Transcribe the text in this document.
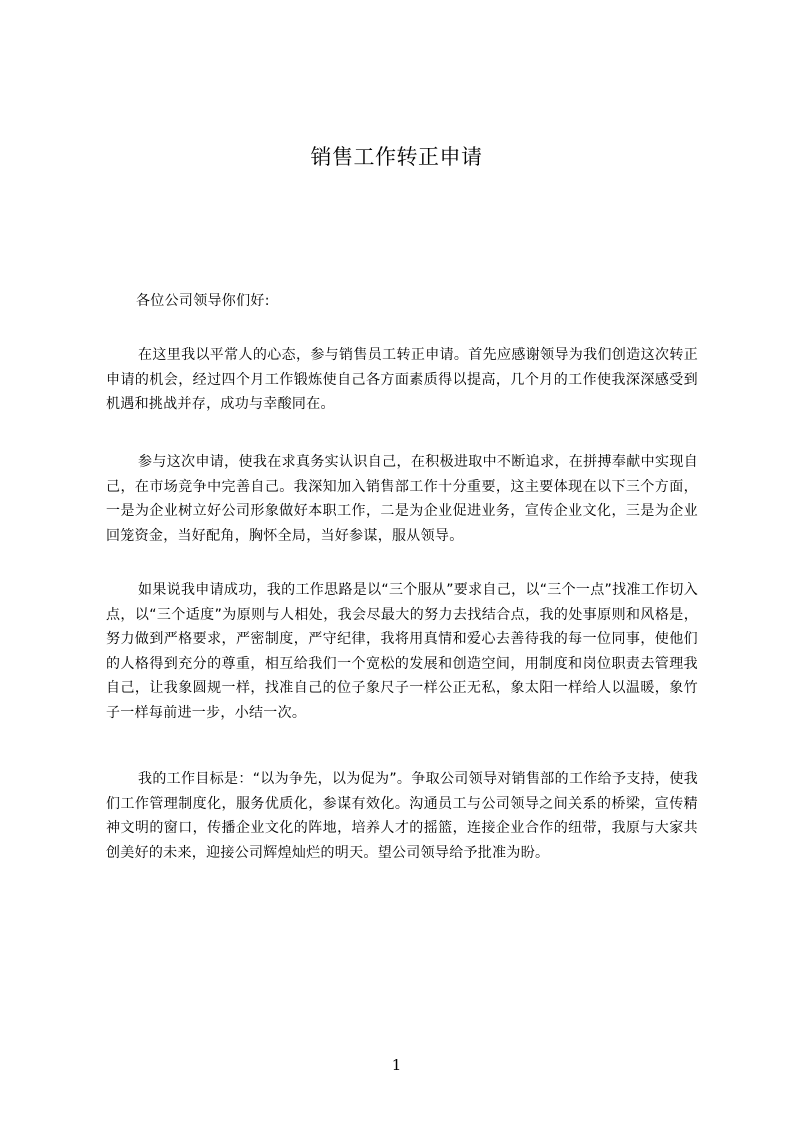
销售工作转正申请
各位公司领导你们好:
在这里我以平常人的心态，参与销售员工转正申请。首先应感谢领导为我们创造这次转正申请的机会，经过四个月工作锻炼使自己各方面素质得以提高，几个月的工作使我深深感受到机遇和挑战并存，成功与幸酸同在。
参与这次申请，使我在求真务实认识自己，在积极进取中不断追求，在拼搏奉献中实现自己，在市场竞争中完善自己。我深知加入销售部工作十分重要，这主要体现在以下三个方面，一是为企业树立好公司形象做好本职工作，二是为企业促进业务，宣传企业文化，三是为企业回笼资金，当好配角，胸怀全局，当好参谋，服从领导。
如果说我申请成功，我的工作思路是以“三个服从”要求自己，以“三个一点”找准工作切入点，以“三个适度”为原则与人相处，我会尽最大的努力去找结合点，我的处事原则和风格是，努力做到严格要求，严密制度，严守纪律，我将用真情和爱心去善待我的每一位同事，使他们的人格得到充分的尊重，相互给我们一个宽松的发展和创造空间，用制度和岗位职责去管理我自己，让我象圆规一样，找准自己的位子象尺子一样公正无私，象太阳一样给人以温暖，象竹子一样每前进一步，小结一次。
我的工作目标是：“以为争先，以为促为”。争取公司领导对销售部的工作给予支持，使我们工作管理制度化，服务优质化，参谋有效化。沟通员工与公司领导之间关系的桥梁，宣传精神文明的窗口，传播企业文化的阵地，培养人才的摇篮，连接企业合作的纽带，我原与大家共创美好的未来，迎接公司辉煌灿烂的明天。望公司领导给予批准为盼。
1
